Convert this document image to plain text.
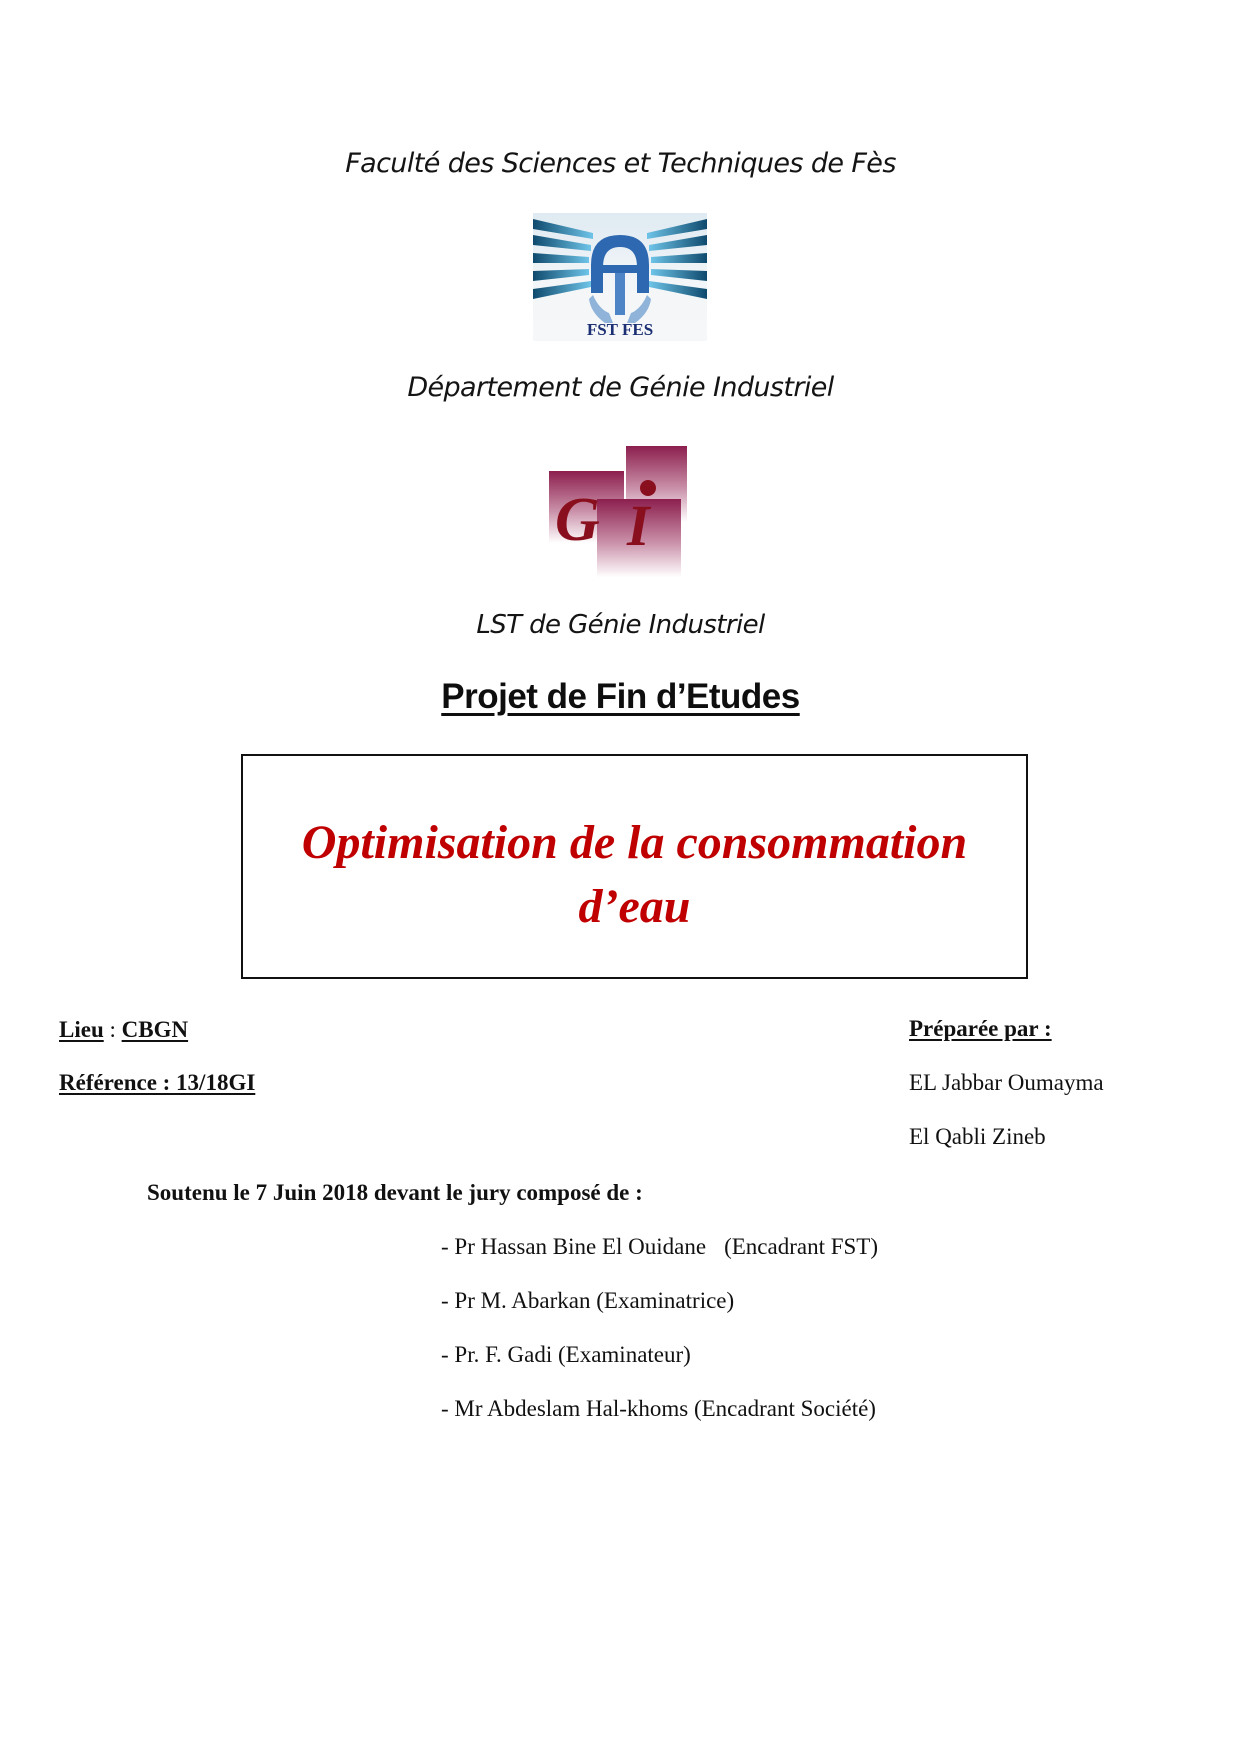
Faculté des Sciences et Techniques de Fès
FST FES
Département de Génie Industriel
G I
LST de Génie Industriel
Projet de Fin d’Etudes
Optimisation de la consommation
d’eau
Lieu : CBGN
Référence : 13/18GI
Préparée par :
EL Jabbar Oumayma
El Qabli Zineb
Soutenu le 7 Juin 2018 devant le jury composé de :
- Pr Hassan Bine El Ouidane (Encadrant FST)
- Pr M. Abarkan (Examinatrice)
- Pr. F. Gadi (Examinateur)
- Mr Abdeslam Hal-khoms (Encadrant Société)
